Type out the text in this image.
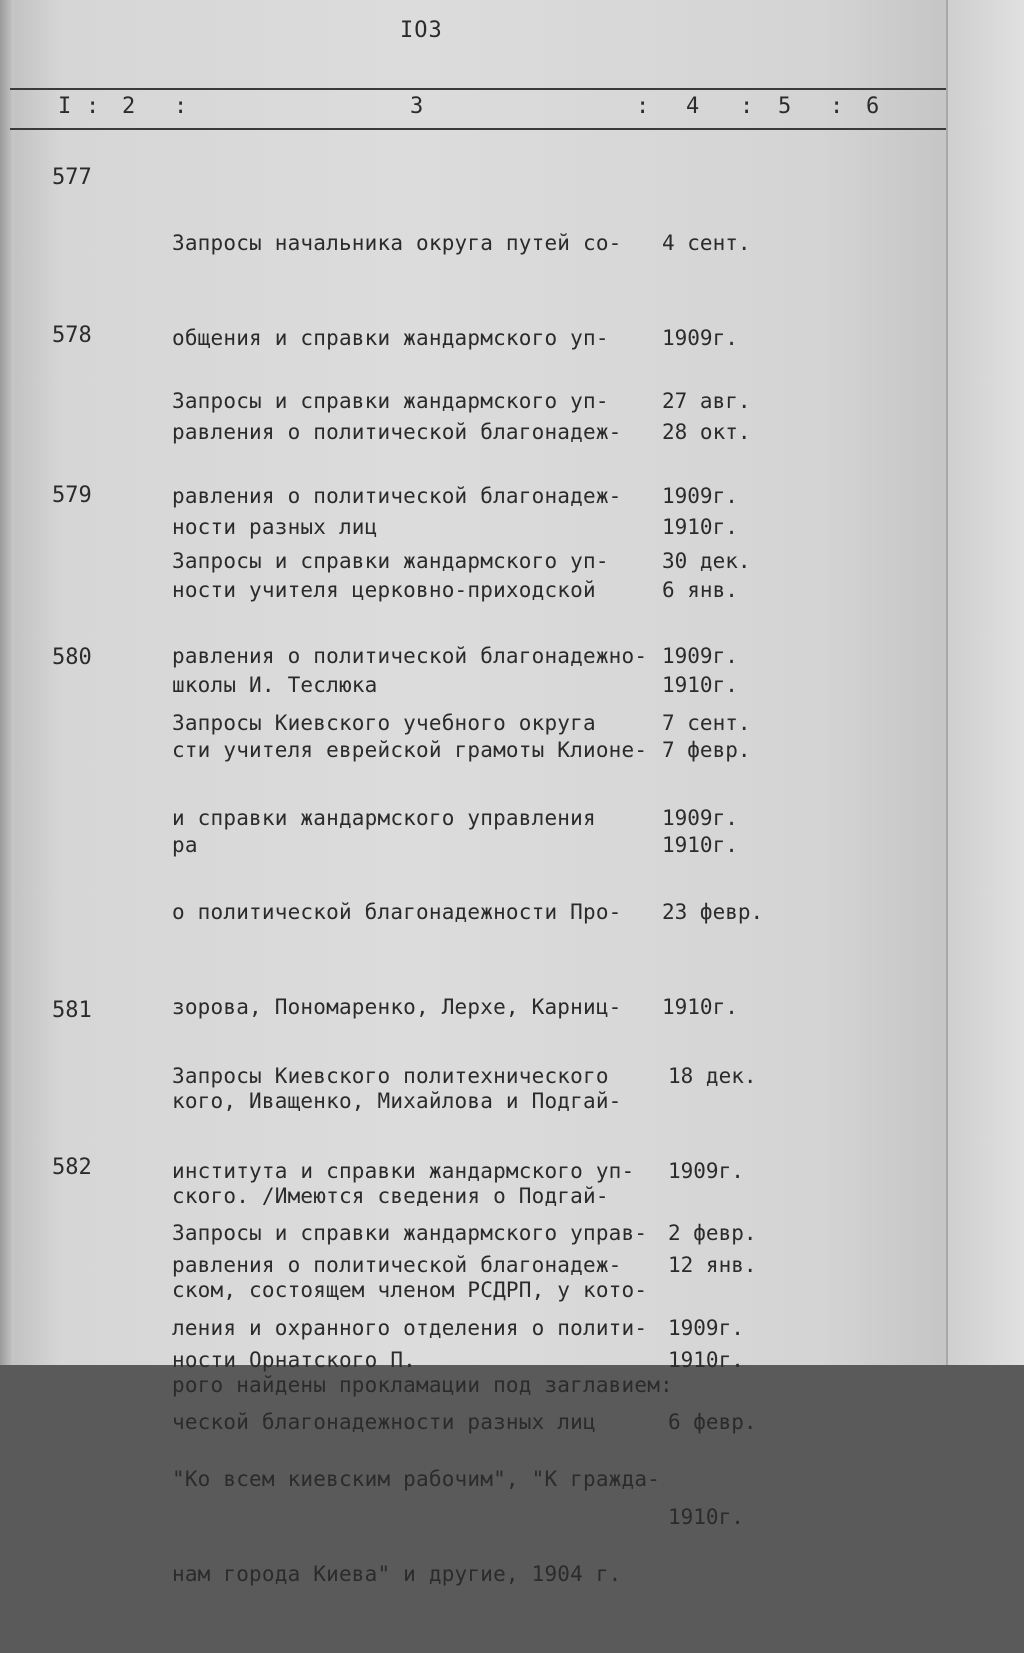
IO3
I : 2 :	3	: 4 : 5 : 6
577

Запросы начальника округа путей со-

общения и справки жандармского уп-

равления о политической благонадеж-

ности разных лиц

4 сент.

1909г.

28 окт.

1910г.

578

Запросы и справки жандармского уп-

равления о политической благонадеж-

ности учителя церковно-приходской

школы И. Теслюка

27 авг.

1909г.

6 янв.

1910г.

579

Запросы и справки жандармского уп-

равления о политической благонадежно-

сти учителя еврейской грамоты Клионе-

ра

30 дек.

1909г.

7 февр.

1910г.

580

Запросы Киевского учебного округа

и справки жандармского управления

о политической благонадежности Про-

зорова, Пономаренко, Лерхе, Карниц-

кого, Иващенко, Михайлова и Подгай-

ского. /Имеются сведения о Подгай-

ском, состоящем членом РСДРП, у кото-

рого найдены прокламации под заглавием:

"Ко всем киевским рабочим", "К гражда-

нам города Киева" и другие, 1904 г.

7 сент.

1909г.

23 февр.

1910г.

581

Запросы Киевского политехнического

института и справки жандармского уп-

равления о политической благонадеж-

ности Орнатского П.

18 дек.

1909г.

12 янв.

1910г.

582

Запросы и справки жандармского управ-

ления и охранного отделения о полити-

ческой благонадежности разных лиц

2 февр.

1909г.

6 февр.

1910г.
